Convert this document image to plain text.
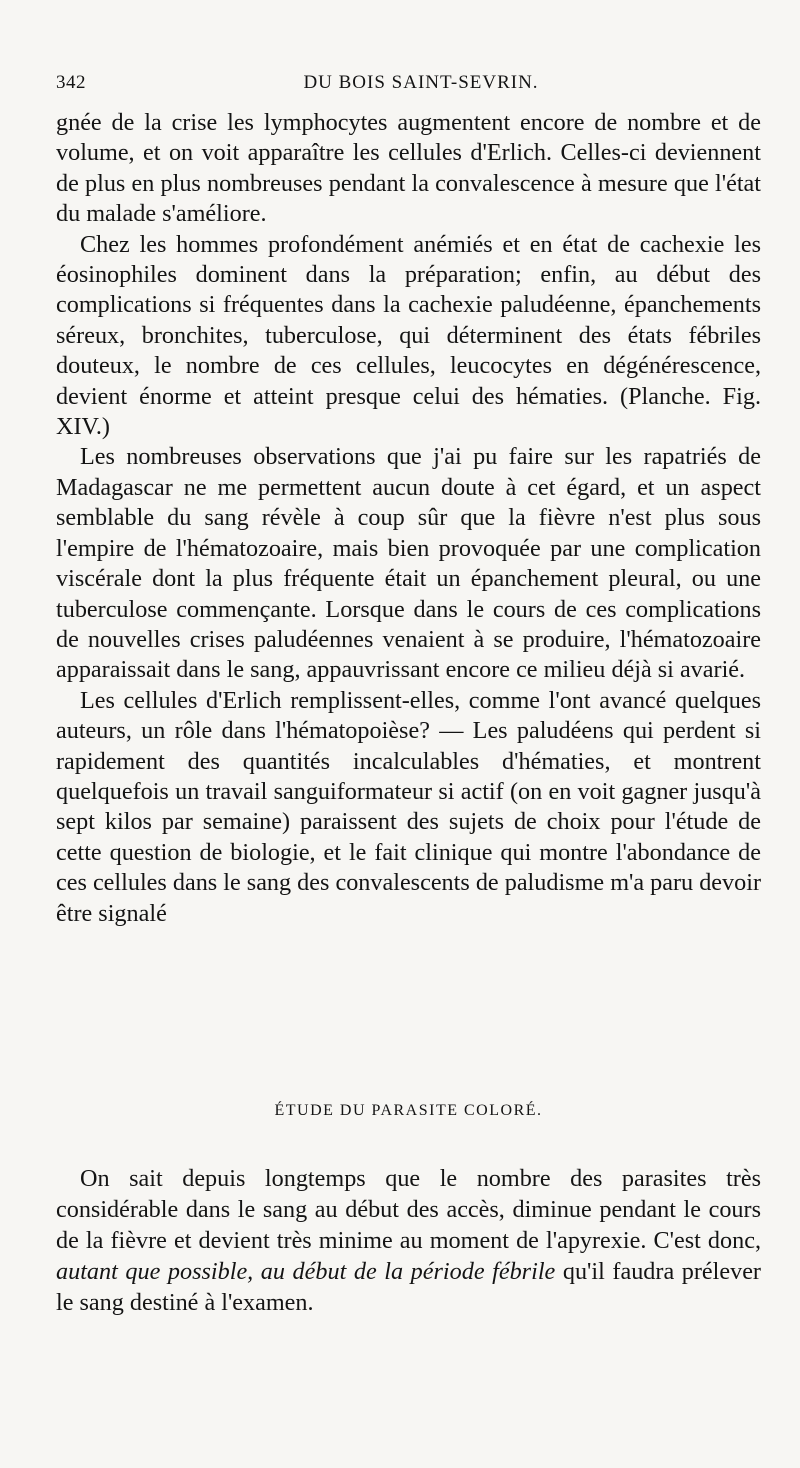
342	DU BOIS SAINT-SEVRIN.

gnée de la crise les lymphocytes augmentent encore de nombre et de volume, et on voit apparaître les cellules d'Erlich. Celles-ci deviennent de plus en plus nombreuses pendant la convalescence à mesure que l'état du malade s'améliore.

Chez les hommes profondément anémiés et en état de cachexie les éosinophiles dominent dans la préparation; enfin, au début des complications si fréquentes dans la cachexie paludéenne, épanchements séreux, bronchites, tuberculose, qui déterminent des états fébriles douteux, le nombre de ces cellules, leucocytes en dégénérescence, devient énorme et atteint presque celui des hématies. (Planche. Fig. XIV.)

Les nombreuses observations que j'ai pu faire sur les rapatriés de Madagascar ne me permettent aucun doute à cet égard, et un aspect semblable du sang révèle à coup sûr que la fièvre n'est plus sous l'empire de l'hématozoaire, mais bien provoquée par une complication viscérale dont la plus fréquente était un épanchement pleural, ou une tuberculose commençante. Lorsque dans le cours de ces complications de nouvelles crises paludéennes venaient à se produire, l'hématozoaire apparaissait dans le sang, appauvrissant encore ce milieu déjà si avarié.

Les cellules d'Erlich remplissent-elles, comme l'ont avancé quelques auteurs, un rôle dans l'hématopoièse? — Les paludéens qui perdent si rapidement des quantités incalculables d'hématies, et montrent quelquefois un travail sanguiformateur si actif (on en voit gagner jusqu'à sept kilos par semaine) paraissent des sujets de choix pour l'étude de cette question de biologie, et le fait clinique qui montre l'abondance de ces cellules dans le sang des convalescents de paludisme m'a paru devoir être signalé

ÉTUDE DU PARASITE COLORÉ.

On sait depuis longtemps que le nombre des parasites très considérable dans le sang au début des accès, diminue pendant le cours de la fièvre et devient très minime au moment de l'apyrexie. C'est donc, autant que possible, au début de la période fébrile qu'il faudra prélever le sang destiné à l'examen.
